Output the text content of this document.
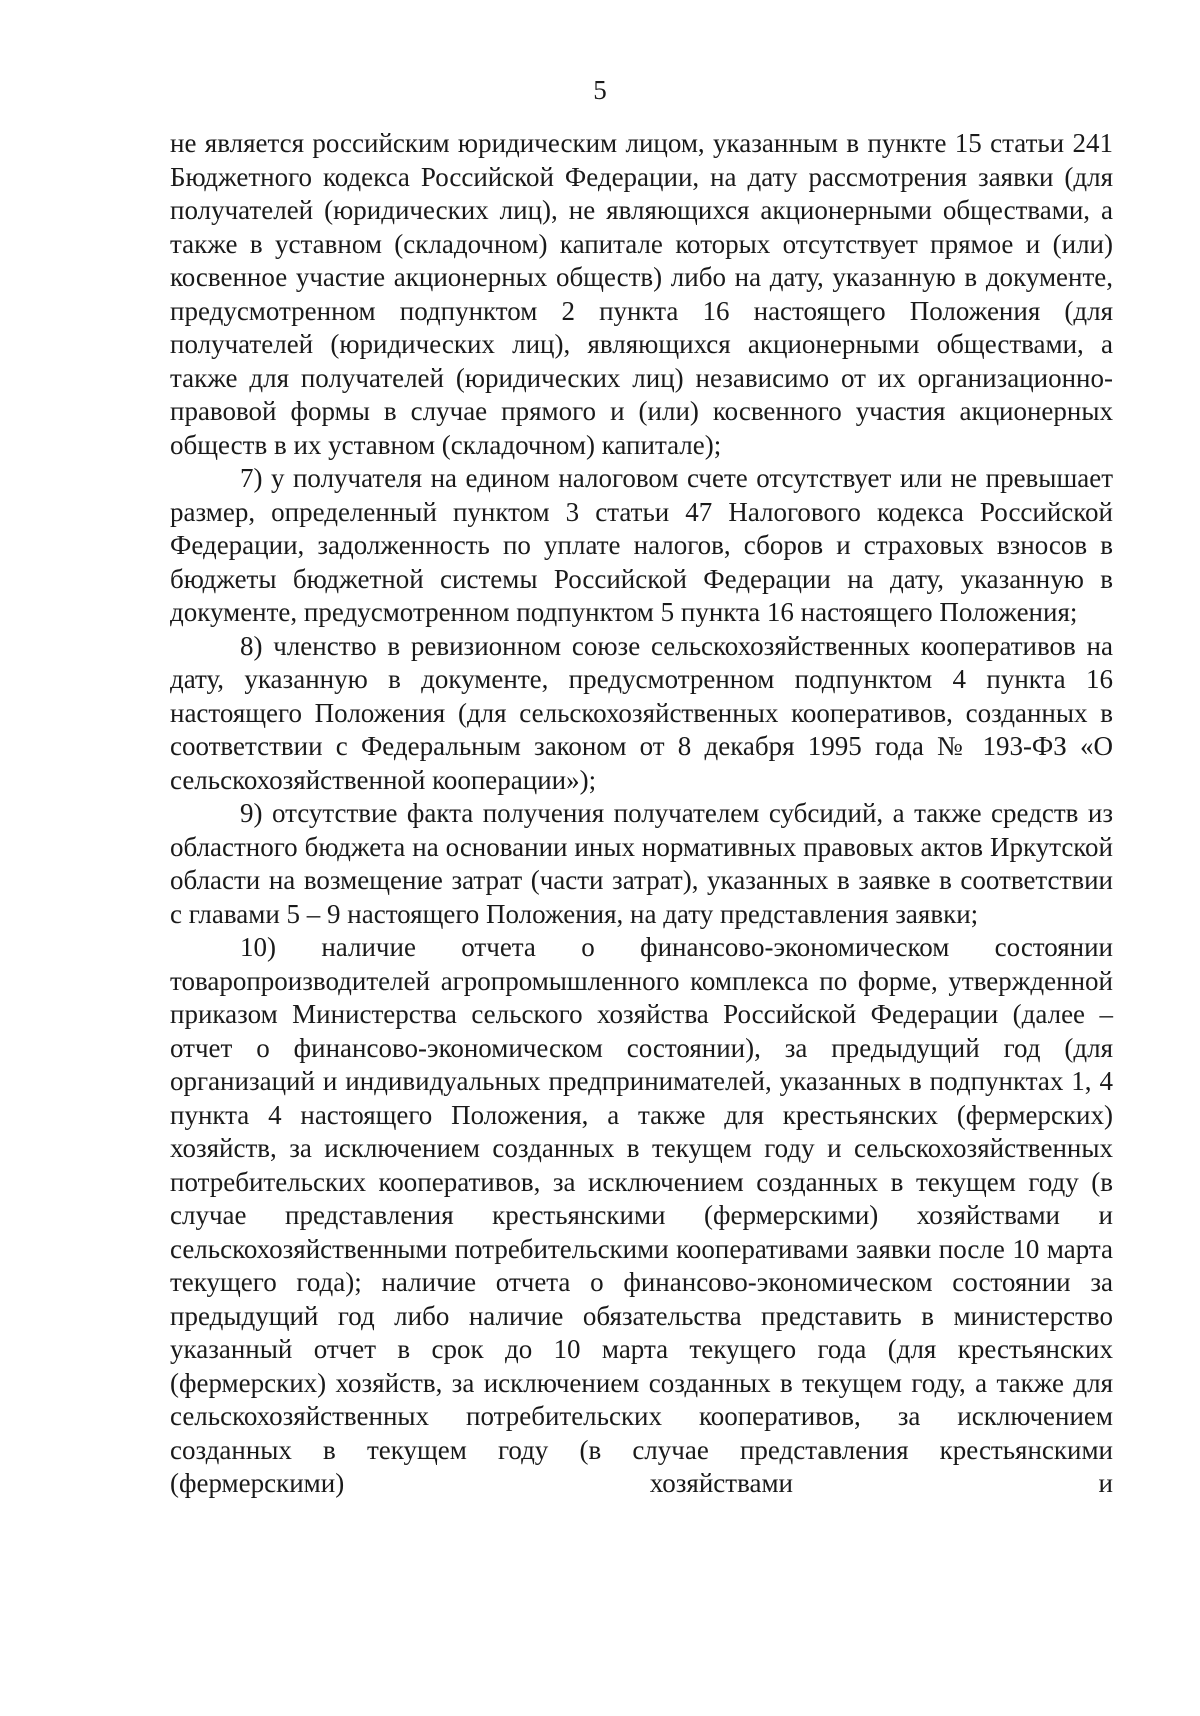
5

не является российским юридическим лицом, указанным в пункте 15 статьи 241 Бюджетного кодекса Российской Федерации, на дату рассмотрения заявки (для получателей (юридических лиц), не являющихся акционерными обществами, а также в уставном (складочном) капитале которых отсутствует прямое и (или) косвенное участие акционерных обществ) либо на дату, указанную в документе, предусмотренном подпунктом 2 пункта 16 настоящего Положения (для получателей (юридических лиц), являющихся акционерными обществами, а также для получателей (юридических лиц) независимо от их организационно-правовой формы в случае прямого и (или) косвенного участия акционерных обществ в их уставном (складочном) капитале);

7) у получателя на едином налоговом счете отсутствует или не превышает размер, определенный пунктом 3 статьи 47 Налогового кодекса Российской Федерации, задолженность по уплате налогов, сборов и страховых взносов в бюджеты бюджетной системы Российской Федерации на дату, указанную в документе, предусмотренном подпунктом 5 пункта 16 настоящего Положения;

8) членство в ревизионном союзе сельскохозяйственных кооперативов на дату, указанную в документе, предусмотренном подпунктом 4 пункта 16 настоящего Положения (для сельскохозяйственных кооперативов, созданных в соответствии с Федеральным законом от 8 декабря 1995 года № 193-ФЗ «О сельскохозяйственной кооперации»);

9) отсутствие факта получения получателем субсидий, а также средств из областного бюджета на основании иных нормативных правовых актов Иркутской области на возмещение затрат (части затрат), указанных в заявке в соответствии с главами 5 – 9 настоящего Положения, на дату представления заявки;

10) наличие отчета о финансово-экономическом состоянии товаропроизводителей агропромышленного комплекса по форме, утвержденной приказом Министерства сельского хозяйства Российской Федерации (далее – отчет о финансово-экономическом состоянии), за предыдущий год (для организаций и индивидуальных предпринимателей, указанных в подпунктах 1, 4 пункта 4 настоящего Положения, а также для крестьянских (фермерских) хозяйств, за исключением созданных в текущем году и сельскохозяйственных потребительских кооперативов, за исключением созданных в текущем году (в случае представления крестьянскими (фермерскими) хозяйствами и сельскохозяйственными потребительскими кооперативами заявки после 10 марта текущего года); наличие отчета о финансово-экономическом состоянии за предыдущий год либо наличие обязательства представить в министерство указанный отчет в срок до 10 марта текущего года (для крестьянских (фермерских) хозяйств, за исключением созданных в текущем году, а также для сельскохозяйственных потребительских кооперативов, за исключением созданных в текущем году (в случае представления крестьянскими (фермерскими) хозяйствами и
